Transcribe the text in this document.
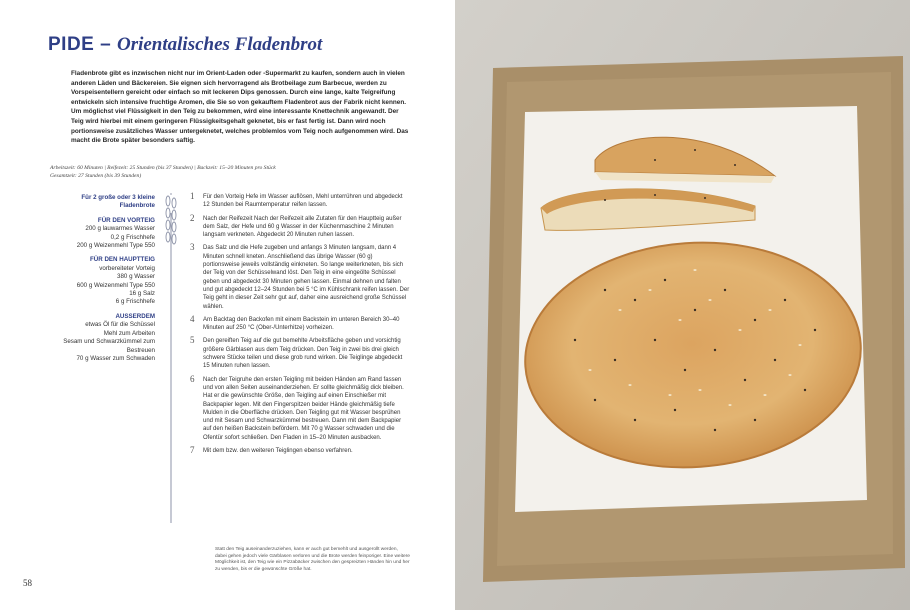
PIDE – Orientalisches Fladenbrot
Fladenbrote gibt es inzwischen nicht nur im Orient-Laden oder -Supermarkt zu kaufen, sondern auch in vielen anderen Läden und Bäckereien. Sie eignen sich hervorragend als Brotbeilage zum Barbecue, werden zu Vorspeisentellern gereicht oder einfach so mit leckeren Dips genossen. Durch eine lange, kalte Teigreifung entwickeln sich intensive fruchtige Aromen, die Sie so von gekauftem Fladenbrot aus der Fabrik nicht kennen. Um möglichst viel Flüssigkeit in den Teig zu bekommen, wird eine interessante Knettechnik angewandt. Der Teig wird hierbei mit einem geringeren Flüssigkeitsgehalt geknetet, bis er fast fertig ist. Dann wird noch portionsweise zusätzliches Wasser untergeknetet, welches problemlos vom Teig noch aufgenommen wird. Das macht die Brote später besonders saftig.
Arbeitszeit: 60 Minuten | Reifezeit: 25 Stunden (bis 37 Stunden) | Backzeit: 15–20 Minuten pro Stück
Gesamtzeit: 27 Stunden (bis 39 Stunden)
Für 2 große oder 3 kleine Fladenbrote
FÜR DEN VORTEIG
200 g lauwarmes Wasser
0,2 g Frischhefe
200 g Weizenmehl Type 550
FÜR DEN HAUPTTEIG
vorbereiteter Vorteig
380 g Wasser
600 g Weizenmehl Type 550
16 g Salz
6 g Frischhefe
AUSSERDEM
etwas Öl für die Schüssel
Mehl zum Arbeiten
Sesam und Schwarzkümmel zum Bestreuen
70 g Wasser zum Schwaden
1 Für den Vorteig Hefe im Wasser auflösen, Mehl unterrühren und abgedeckt 12 Stunden bei Raumtemperatur reifen lassen.
2 Nach der Reifezeit Nach der Reifezeit alle Zutaten für den Hauptteig außer dem Salz, der Hefe und 60 g Wasser in der Küchenmaschine 2 Minuten langsam verkneten. Abgedeckt 20 Minuten ruhen lassen.
3 Das Salz und die Hefe zugeben und anfangs 3 Minuten langsam, dann 4 Minuten schnell kneten. Anschließend das übrige Wasser (60 g) portionsweise jeweils vollständig einkneten. So lange weiterkneten, bis sich der Teig von der Schüsselwand löst. Den Teig in eine eingeölte Schüssel geben und abgedeckt 30 Minuten gehen lassen. Einmal dehnen und falten und gut abgedeckt 12–24 Stunden bei 5 °C im Kühlschrank reifen lassen. Der Teig geht in dieser Zeit sehr gut auf, daher eine ausreichend große Schüssel wählen.
4 Am Backtag den Backofen mit einem Backstein im unteren Bereich 30–40 Minuten auf 250 °C (Ober-/Unterhitze) vorheizen.
5 Den gereiften Teig auf die gut bemehlte Arbeitsfläche geben und vorsichtig größere Gärblasen aus dem Teig drücken. Den Teig in zwei bis drei gleich schwere Stücke teilen und diese grob rund wirken. Die Teiglinge abgedeckt 15 Minuten ruhen lassen.
6 Nach der Teigruhe den ersten Teigling mit beiden Händen am Rand fassen und von allen Seiten auseinanderziehen. Er sollte gleichmäßig dick bleiben. Hat er die gewünschte Größe, den Teigling auf einen Einschießer mit Backpapier legen. Mit den Fingerspitzen beider Hände gleichmäßig tiefe Mulden in die Oberfläche drücken. Den Teigling gut mit Wasser besprühen und mit Sesam und Schwarzkümmel bestreuen. Dann mit dem Backpapier auf den heißen Backstein befördern. Mit 70 g Wasser schwaden und die Ofentür sofort schließen. Den Fladen in 15–20 Minuten ausbacken.
7 Mit dem bzw. den weiteren Teiglingen ebenso verfahren.
Statt den Teig auseinanderzuziehen, kann er auch gut bemehlt und ausgerollt werden, dabei gehen jedoch viele Gärblasen verloren und die Brote werden feinporiger. Eine weitere Möglichkeit ist, den Teig wie ein Pizzabäcker zwischen den gespreizten Händen hin und her zu wenden, bis er die gewünschte Größe hat.
58
